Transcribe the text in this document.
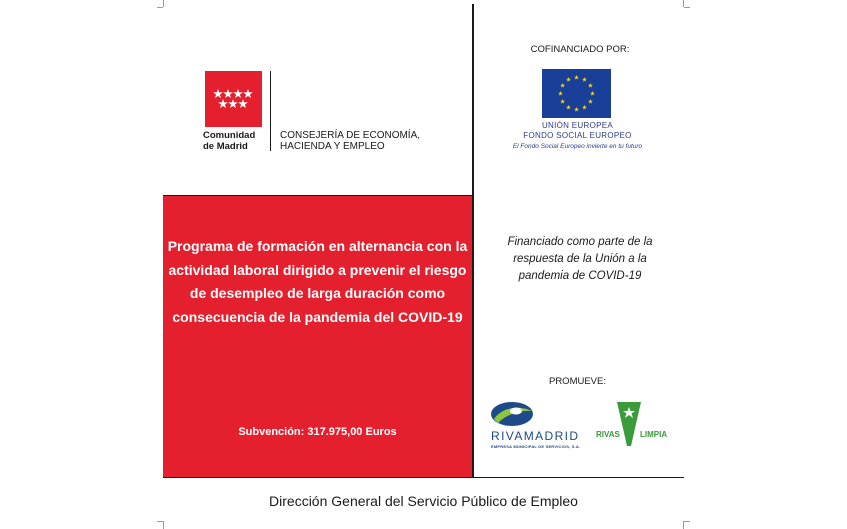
Comunidad
de Madrid
CONSEJERÍA DE ECONOMÍA,
HACIENDA Y EMPLEO
COFINANCIADO POR:
UNIÓN EUROPEA
FONDO SOCIAL EUROPEO
El Fondo Social Europeo invierte en tu futuro
Financiado como parte de la respuesta de la Unión a la pandemia de COVID-19
PROMUEVE:
RIVAMADRID
EMPRESA MUNICIPAL DE SERVICIOS, S.A.
RIVAS	LIMPIA
Programa de formación en alternancia con la actividad laboral dirigido a prevenir el riesgo de desempleo de larga duración como consecuencia de la pandemia del COVID-19
Subvención: 317.975,00 Euros
Dirección General del Servicio Público de Empleo
